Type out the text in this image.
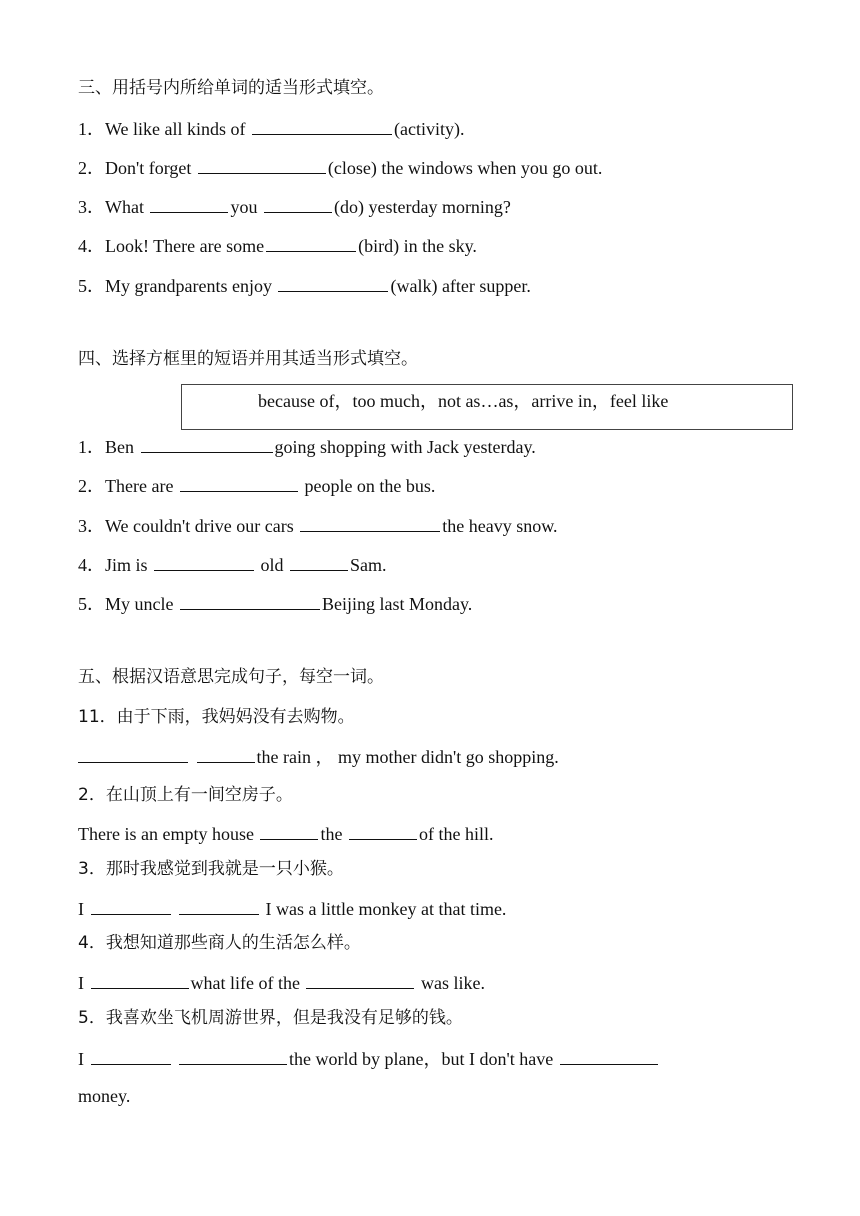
三、用括号内所给单词的适当形式填空。
1．We like all kinds of	(activity).
2．Don't forget	(close) the windows when you go out.
3．What	you	(do) yesterday morning?
4．Look! There are some	(bird) in the sky.
5．My grandparents enjoy	(walk) after supper.
四、选择方框里的短语并用其适当形式填空。
because of，too much，not as…as，arrive in，feel like
1．Ben	going shopping with Jack yesterday.
2．There are	people on the bus.
3．We couldn't drive our cars	the heavy snow.
4．Jim is	old	Sam.
5．My uncle	Beijing last Monday.
五、根据汉语意思完成句子，每空一词。
11．由于下雨，我妈妈没有去购物。
the rain ， my mother didn't go shopping.
2．在山顶上有一间空房子。
There is an empty house	the	of the hill.
3．那时我感觉到我就是一只小猴。
I	I was a little monkey at that time.
4．我想知道那些商人的生活怎么样。
I	what life of the	was like.
5．我喜欢坐飞机周游世界，但是我没有足够的钱。
I	the world by plane，but I don't have
money.
